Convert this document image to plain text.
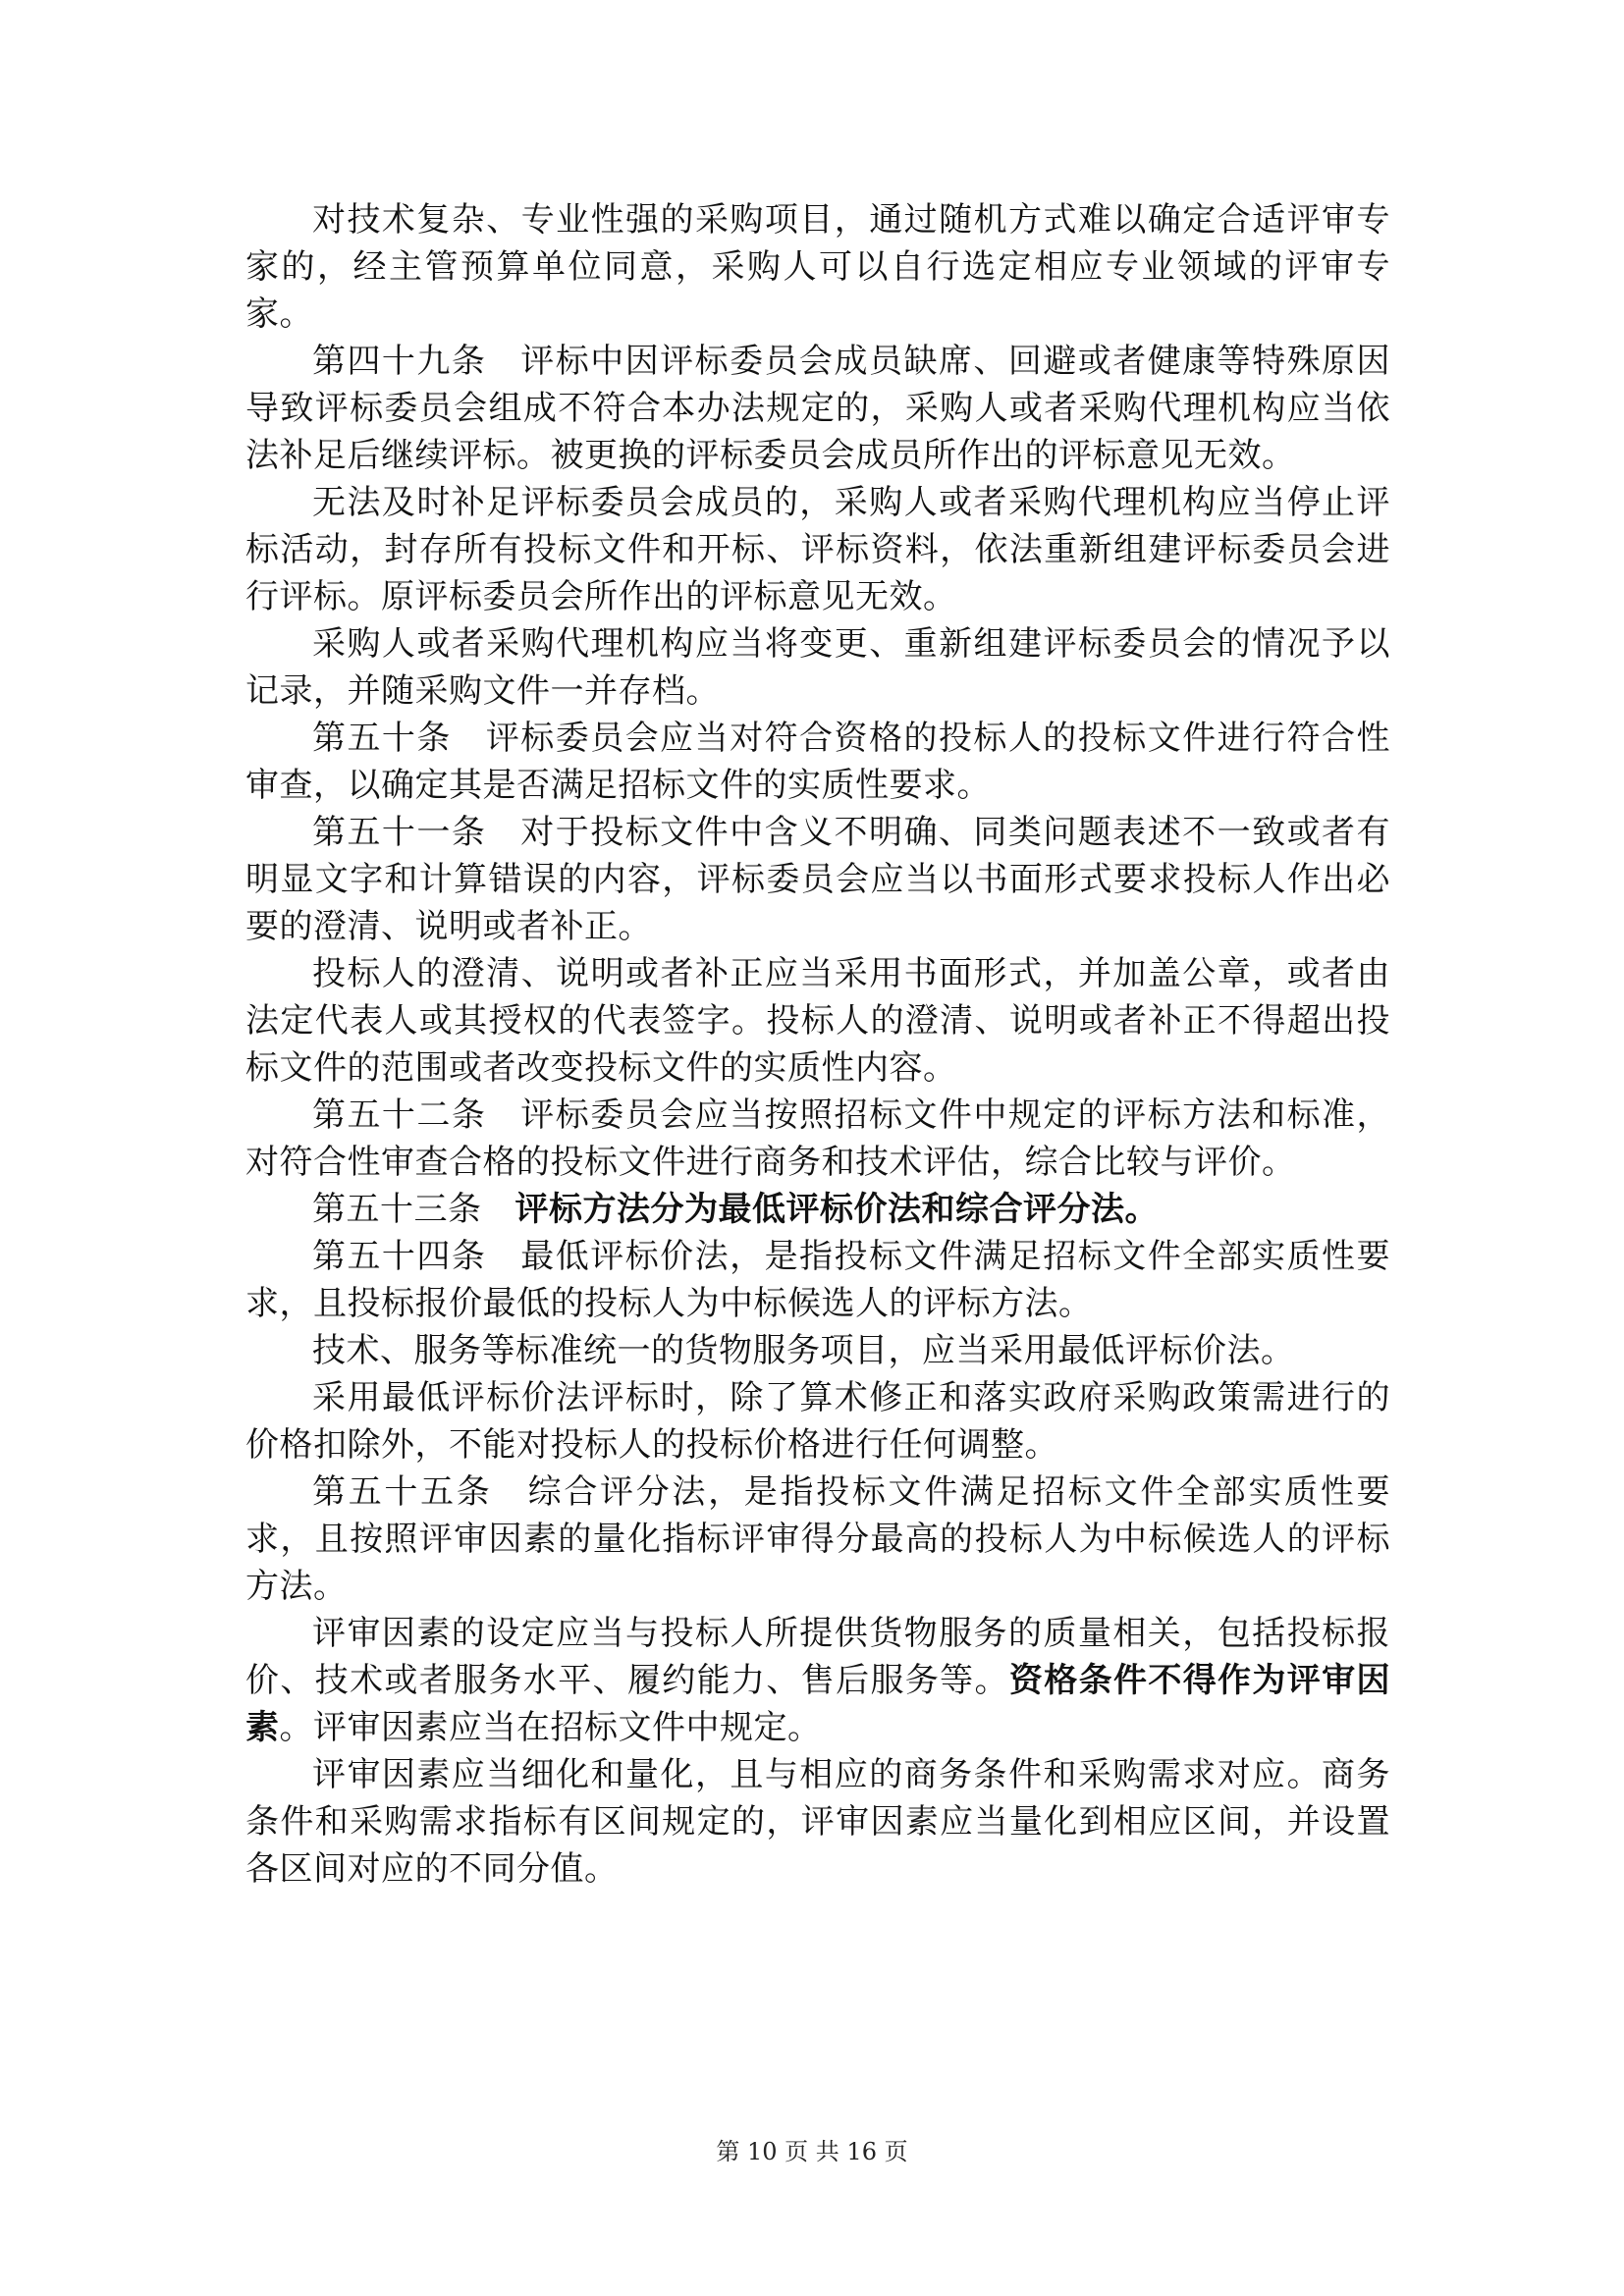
对技术复杂、专业性强的采购项目，通过随机方式难以确定合适评审专家的，经主管预算单位同意，采购人可以自行选定相应专业领域的评审专家。

第四十九条 评标中因评标委员会成员缺席、回避或者健康等特殊原因导致评标委员会组成不符合本办法规定的，采购人或者采购代理机构应当依法补足后继续评标。被更换的评标委员会成员所作出的评标意见无效。

无法及时补足评标委员会成员的，采购人或者采购代理机构应当停止评标活动，封存所有投标文件和开标、评标资料，依法重新组建评标委员会进行评标。原评标委员会所作出的评标意见无效。

采购人或者采购代理机构应当将变更、重新组建评标委员会的情况予以记录，并随采购文件一并存档。

第五十条 评标委员会应当对符合资格的投标人的投标文件进行符合性审查，以确定其是否满足招标文件的实质性要求。

第五十一条 对于投标文件中含义不明确、同类问题表述不一致或者有明显文字和计算错误的内容，评标委员会应当以书面形式要求投标人作出必要的澄清、说明或者补正。

投标人的澄清、说明或者补正应当采用书面形式，并加盖公章，或者由法定代表人或其授权的代表签字。投标人的澄清、说明或者补正不得超出投标文件的范围或者改变投标文件的实质性内容。

第五十二条 评标委员会应当按照招标文件中规定的评标方法和标准，对符合性审查合格的投标文件进行商务和技术评估，综合比较与评价。

第五十三条 评标方法分为最低评标价法和综合评分法。

第五十四条 最低评标价法，是指投标文件满足招标文件全部实质性要求，且投标报价最低的投标人为中标候选人的评标方法。

技术、服务等标准统一的货物服务项目，应当采用最低评标价法。

采用最低评标价法评标时，除了算术修正和落实政府采购政策需进行的价格扣除外，不能对投标人的投标价格进行任何调整。

第五十五条 综合评分法，是指投标文件满足招标文件全部实质性要求，且按照评审因素的量化指标评审得分最高的投标人为中标候选人的评标方法。

评审因素的设定应当与投标人所提供货物服务的质量相关，包括投标报价、技术或者服务水平、履约能力、售后服务等。资格条件不得作为评审因素。评审因素应当在招标文件中规定。

评审因素应当细化和量化，且与相应的商务条件和采购需求对应。商务条件和采购需求指标有区间规定的，评审因素应当量化到相应区间，并设置各区间对应的不同分值。

第 10 页 共 16 页
